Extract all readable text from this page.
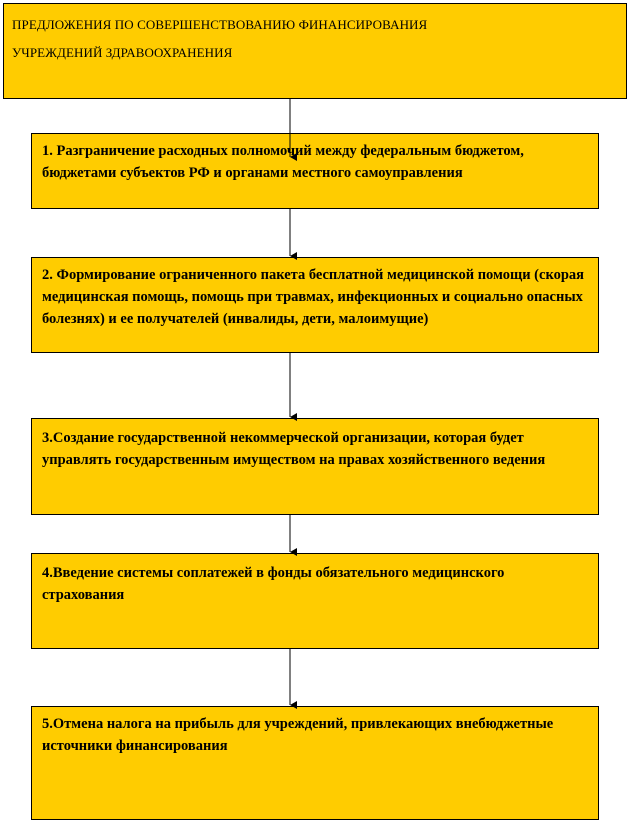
ПРЕДЛОЖЕНИЯ ПО СОВЕРШЕНСТВОВАНИЮ ФИНАНСИРОВАНИЯ
УЧРЕЖДЕНИЙ ЗДРАВООХРАНЕНИЯ
1. Разграничение расходных полномочий между федеральным бюджетом, бюджетами субъектов РФ и органами местного самоуправления
2. Формирование ограниченного пакета бесплатной медицинской помощи (скорая медицинская помощь, помощь при травмах, инфекционных и социально опасных болезнях) и ее получателей (инвалиды, дети, малоимущие)
3.Создание государственной некоммерческой организации, которая будет управлять государственным имуществом на правах хозяйственного ведения
4.Введение системы соплатежей в фонды обязательного медицинского страхования
5.Отмена налога на прибыль для учреждений, привлекающих внебюджетные источники финансирования
